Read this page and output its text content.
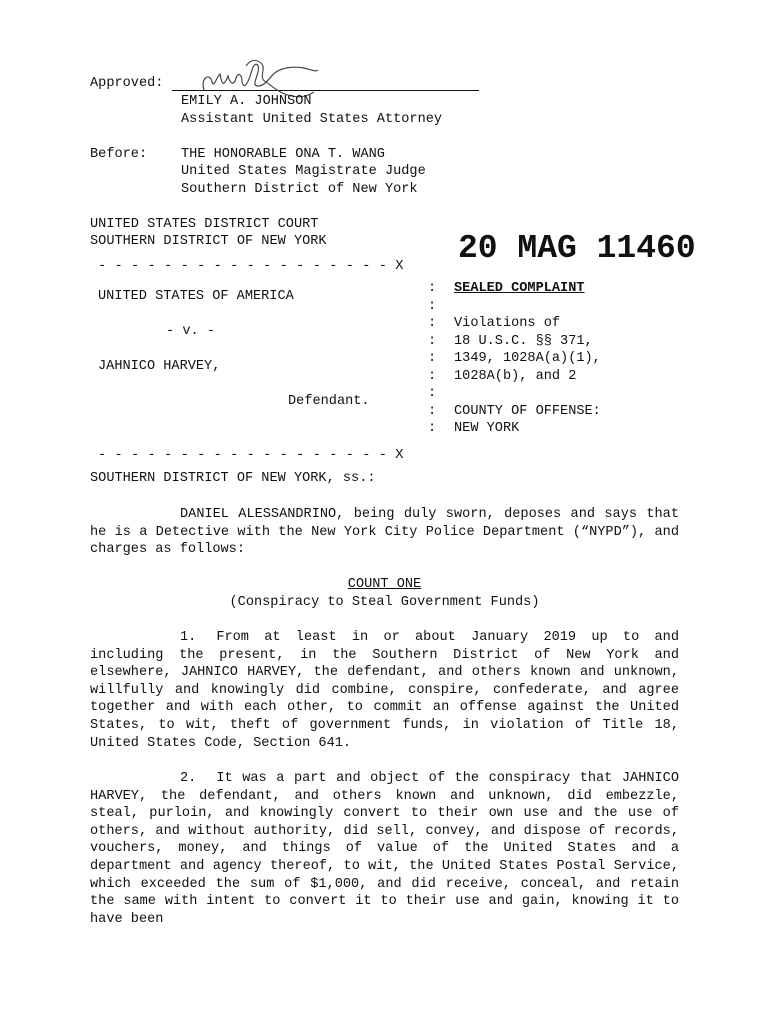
Approved:
EMILY A. JOHNSON
Assistant United States Attorney
Before: THE HONORABLE ONA T. WANG
United States Magistrate Judge
Southern District of New York
UNITED STATES DISTRICT COURT
SOUTHERN DISTRICT OF NEW YORK	20 MAG 11460
- - - - - - - - - - - - - - - - - - X
:
:
:
:
:
:
:
:
:
UNITED STATES OF AMERICA
- v. -
JAHNICO HARVEY,
Defendant.
SEALED COMPLAINT
Violations of
18 U.S.C. §§ 371,
1349, 1028A(a)(1),
1028A(b), and 2
COUNTY OF OFFENSE:
NEW YORK
- - - - - - - - - - - - - - - - - - X
SOUTHERN DISTRICT OF NEW YORK, ss.:
DANIEL ALESSANDRINO, being duly sworn, deposes and says that he is a Detective with the New York City Police Department (“NYPD”), and charges as follows:
COUNT ONE
(Conspiracy to Steal Government Funds)
1. From at least in or about January 2019 up to and including the present, in the Southern District of New York and elsewhere, JAHNICO HARVEY, the defendant, and others known and unknown, willfully and knowingly did combine, conspire, confederate, and agree together and with each other, to commit an offense against the United States, to wit, theft of government funds, in violation of Title 18, United States Code, Section 641.
2. It was a part and object of the conspiracy that JAHNICO HARVEY, the defendant, and others known and unknown, did embezzle, steal, purloin, and knowingly convert to their own use and the use of others, and without authority, did sell, convey, and dispose of records, vouchers, money, and things of value of the United States and a department and agency thereof, to wit, the United States Postal Service, which exceeded the sum of $1,000, and did receive, conceal, and retain the same with intent to convert it to their use and gain, knowing it to have been
